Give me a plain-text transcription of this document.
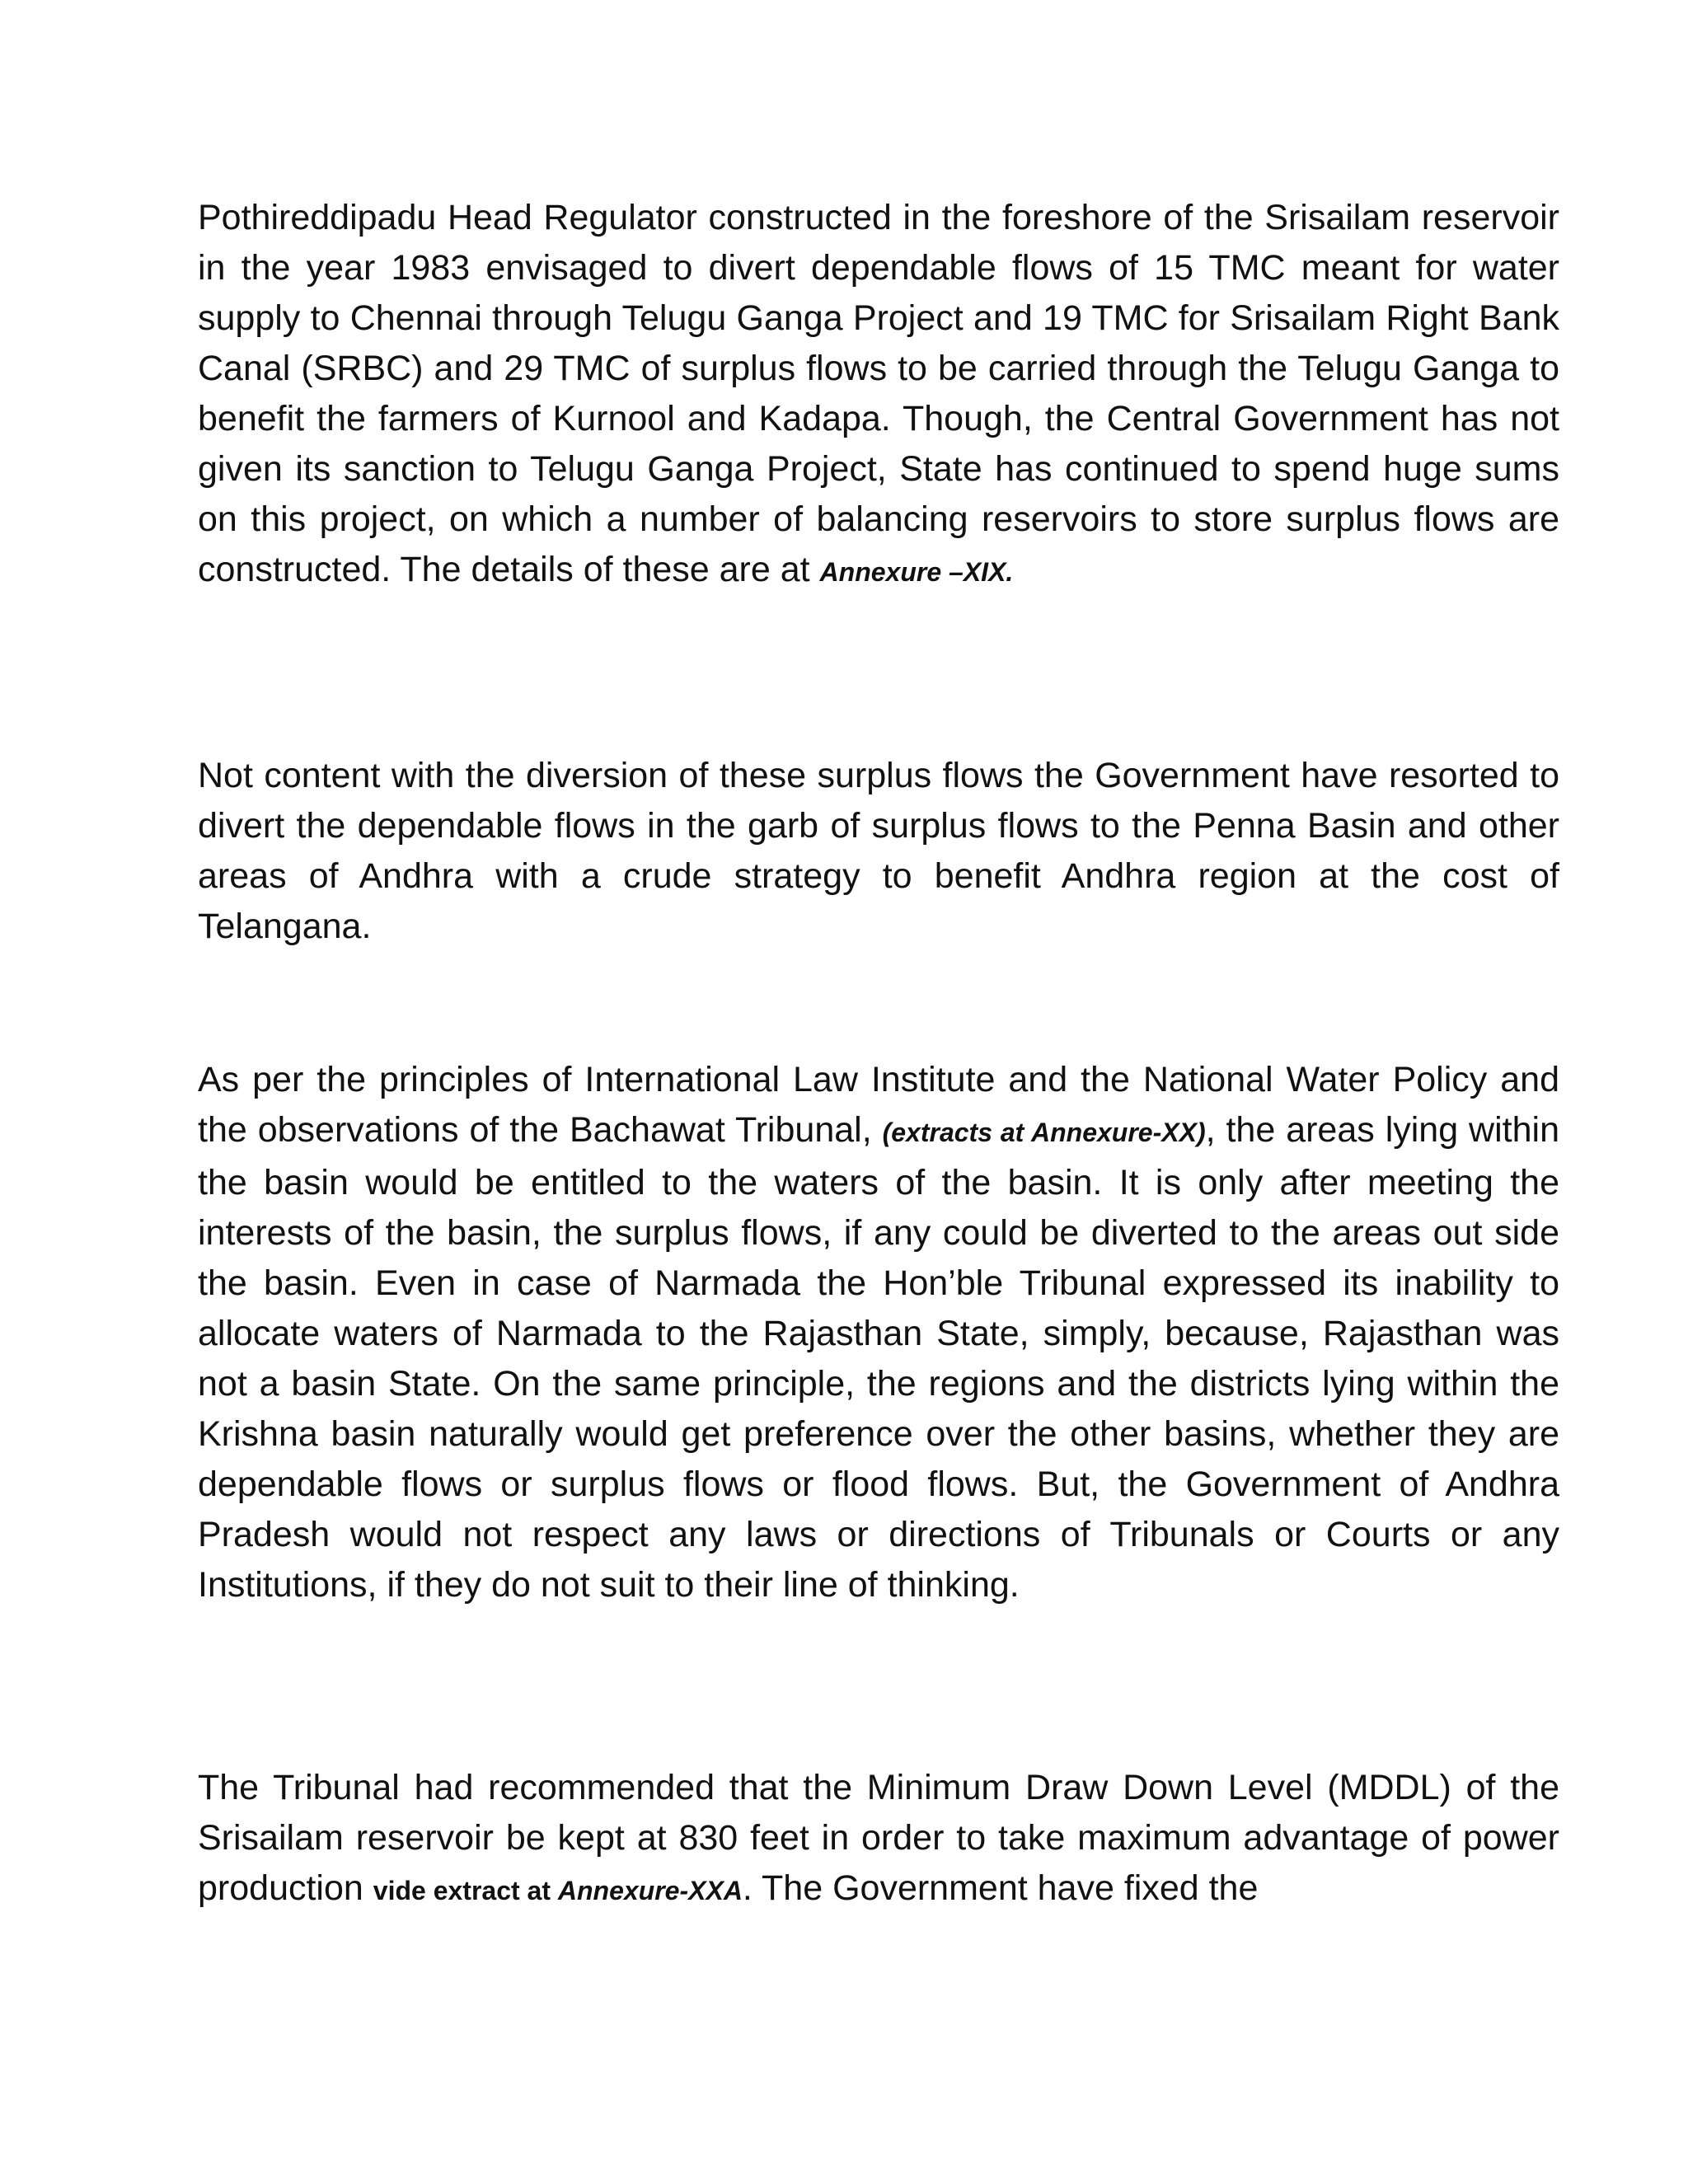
Pothireddipadu Head Regulator constructed in the foreshore of the Srisailam reservoir in the year 1983 envisaged to divert dependable flows of 15 TMC meant for water supply to Chennai through Telugu Ganga Project and 19 TMC for Srisailam Right Bank Canal (SRBC) and 29 TMC of surplus flows to be carried through the Telugu Ganga to benefit the farmers of Kurnool and Kadapa. Though, the Central Government has not given its sanction to Telugu Ganga Project, State has continued to spend huge sums on this project, on which a number of balancing reservoirs to store surplus flows are constructed. The details of these are at Annexure –XIX.

Not content with the diversion of these surplus flows the Government have resorted to divert the dependable flows in the garb of surplus flows to the Penna Basin and other areas of Andhra with a crude strategy to benefit Andhra region at the cost of Telangana.

As per the principles of International Law Institute and the National Water Policy and the observations of the Bachawat Tribunal, (extracts at Annexure-XX), the areas lying within the basin would be entitled to the waters of the basin. It is only after meeting the interests of the basin, the surplus flows, if any could be diverted to the areas out side the basin. Even in case of Narmada the Hon’ble Tribunal expressed its inability to allocate waters of Narmada to the Rajasthan State, simply, because, Rajasthan was not a basin State. On the same principle, the regions and the districts lying within the Krishna basin naturally would get preference over the other basins, whether they are dependable flows or surplus flows or flood flows. But, the Government of Andhra Pradesh would not respect any laws or directions of Tribunals or Courts or any Institutions, if they do not suit to their line of thinking.

The Tribunal had recommended that the Minimum Draw Down Level (MDDL) of the Srisailam reservoir be kept at 830 feet in order to take maximum advantage of power production vide extract at Annexure-XXA. The Government have fixed the
